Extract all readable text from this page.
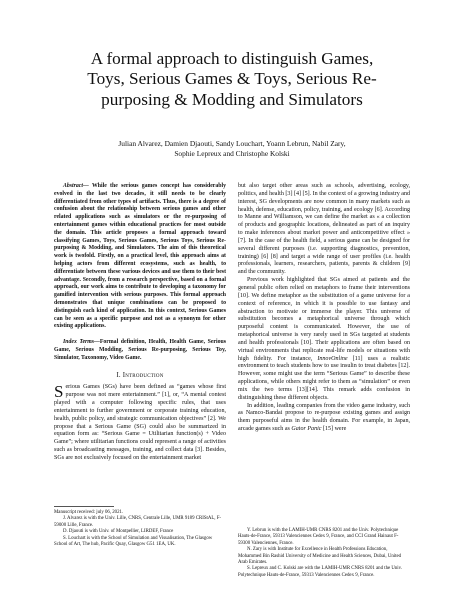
A formal approach to distinguish Games, Toys, Serious Games & Toys, Serious Re-purposing & Modding and Simulators
Julian Alvarez, Damien Djaouti, Sandy Louchart, Yoann Lebrun, Nabil Zary,
Sophie Lepreux and Christophe Kolski

Abstract— While the serious games concept has considerably evolved in the last two decades, it still needs to be clearly differentiated from other types of artifacts. Thus, there is a degree of confusion about the relationship between serious games and other related applications such as simulators or the re-purposing of entertainment games within educational practices for most outside the domain. This article proposes a formal approach toward classifying Games, Toys, Serious Games, Serious Toys, Serious Re-purposing & Modding, and Simulators. The aim of this theoretical work is twofold. Firstly, on a practical level, this approach aims at helping actors from different ecosystems, such as health, to differentiate between these various devices and use them to their best advantage. Secondly, from a research perspective, based on a formal approach, our work aims to contribute to developing a taxonomy for gamified intervention with serious purposes. This formal approach demonstrates that unique combinations can be proposed to distinguish each kind of application. In this context, Serious Games can be seen as a specific purpose and not as a synonym for other existing applications.

Index Terms—Formal definition, Health, Health Game, Serious Game, Serious Modding, Serious Re-purposing, Serious Toy, Simulator, Taxonomy, Video Game.

I. Introduction

Serious Games (SGs) have been defined as “games whose first purpose was not mere entertainment.” [1], or, “A mental contest played with a computer following specific rules, that uses entertainment to further government or corporate training education, health, public policy, and strategic communication objectives” [2]. We propose that a Serious Game (SG) could also be summarized in equation form as: “Serious Game = Utilitarian function(s) + Video Game”; where utilitarian functions could represent a range of activities such as broadcasting messages, training, and collect data [3]. Besides, SGs are not exclusively focused on the entertainment market

but also target other areas such as schools, advertising, ecology, politics, and health [3] [4] [5]. In the context of a growing industry and interest, SG developments are now common in many markets such as health, defense, education, policy, training, and ecology [6]. According to Manne and Williamson, we can define the market as « a collection of products and geographic locations, delineated as part of an inquiry to make inferences about market power and anticompetitive effect » [7]. In the case of the health field, a serious game can be designed for several different purposes (i.e. supporting diagnostics, prevention, training) [6] [8] and target a wide range of user profiles (i.e. health professionals, learners, researchers, patients, parents & children [9] and the community.

Previous work highlighted that SGs aimed at patients and the general public often relied on metaphors to frame their interventions [10]. We define metaphor as the substitution of a game universe for a context of reference, in which it is possible to use fantasy and abstraction to motivate or immerse the player. This universe of substitution becomes a metaphorical universe through which purposeful content is communicated. However, the use of metaphorical universe is very rarely used in SGs targeted at students and health professionals [10]. Their applications are often based on virtual environments that replicate real-life models or situations with high fidelity. For instance, InnovOnline [11] uses a realistic environment to teach students how to use insulin to treat diabetes [12]. However, some might use the term “Serious Game” to describe these applications, while others might refer to them as “simulation” or even mix the two terms [13][14]. This remark adds confusion in distinguishing these different objects.

In addition, leading companies from the video game industry, such as Namco-Bandai propose to re-purpose existing games and assign them purposeful aims in the health domain. For example, in Japan, arcade games such as Gator Panic [15] were

Manuscript received: july 06, 2021.

J. Alvarez is with the Univ. Lille, CNRS, Centrale Lille, UMR 9189 CRIStAL, F-59000 Lille, France.

D. Djaouti is with Univ. of Montpellier, LIRDEF, France

S. Louchart is with the School of Simulation and Visualisation, The Glasgow School of Art, The hub, Pacific Quay, Glasgow G51 1EA, UK.

Y. Lebrun is with the LAMIH-UMR CNRS 8201 and the Univ. Polytechnique Hauts-de-France, 59313 Valenciennes Cedex 9, France, and CCI Grand Hainaut F-59300 Valenciennes, France.

N. Zary is with Institute for Excellence in Health Professions Education, Mohammed Bin Rashid University of Medicine and Health Sciences, Dubai, United Arab Emirates.

S. Lepreux and C. Kolski are with the LAMIH-UMR CNRS 8201 and the Univ. Polytechnique Hauts-de-France, 59313 Valenciennes Cedex 9, France.
